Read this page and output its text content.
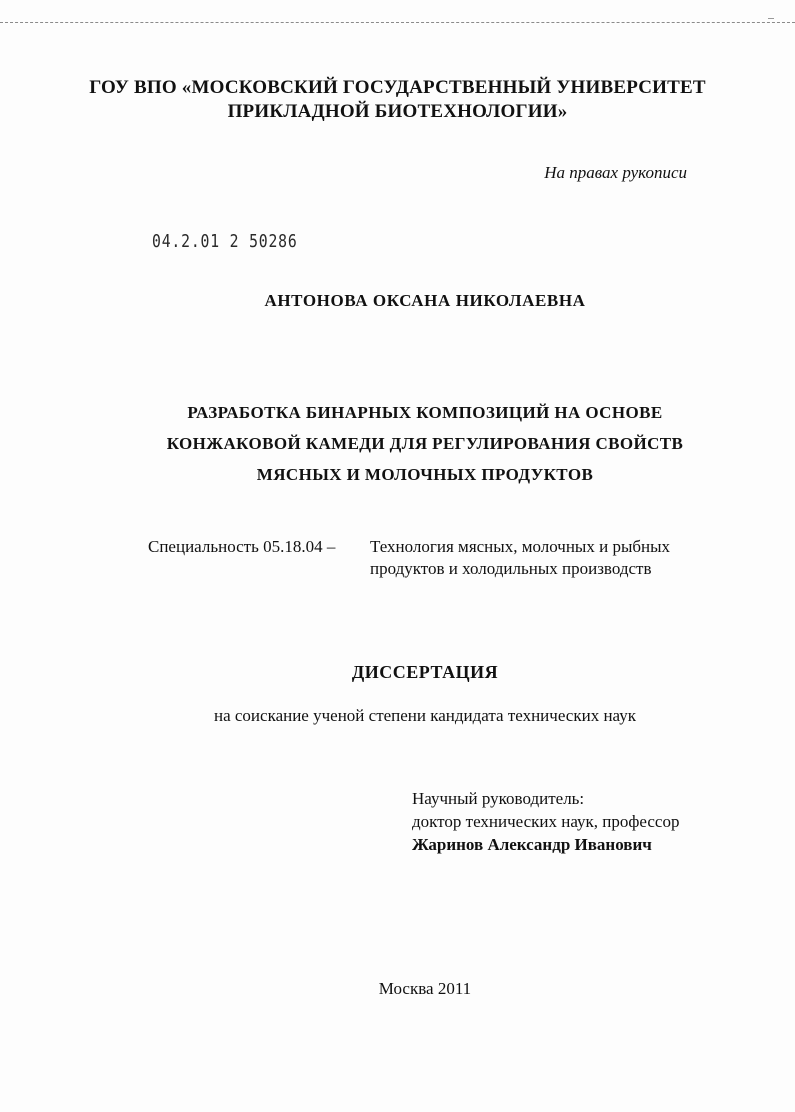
ГОУ ВПО «МОСКОВСКИЙ ГОСУДАРСТВЕННЫЙ УНИВЕРСИТЕТ
ПРИКЛАДНОЙ БИОТЕХНОЛОГИИ»
На правах рукописи
04.2.01 2 50286
АНТОНОВА ОКСАНА НИКОЛАЕВНА
РАЗРАБОТКА БИНАРНЫХ КОМПОЗИЦИЙ НА ОСНОВЕ
КОНЖАКОВОЙ КАМЕДИ ДЛЯ РЕГУЛИРОВАНИЯ СВОЙСТВ
МЯСНЫХ И МОЛОЧНЫХ ПРОДУКТОВ
Специальность 05.18.04 – Технология мясных, молочных и рыбных
продуктов и холодильных производств
ДИССЕРТАЦИЯ
на соискание ученой степени кандидата технических наук
Научный руководитель:
доктор технических наук, профессор
Жаринов Александр Иванович
Москва 2011
